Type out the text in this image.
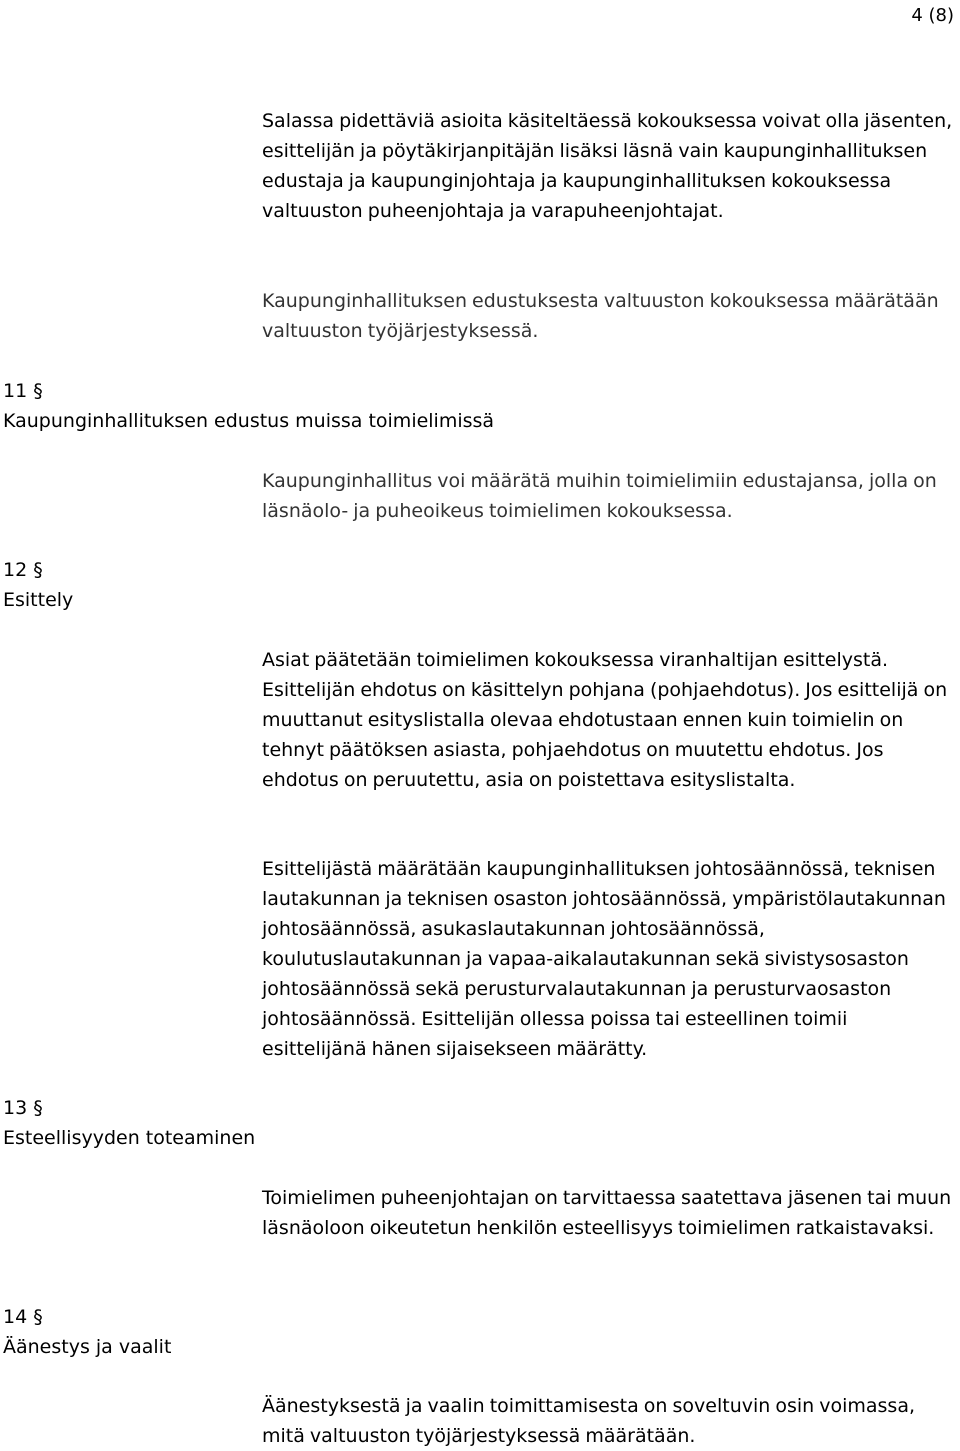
4 (8)

Salassa pidettäviä asioita käsiteltäessä kokouksessa voivat olla jäsenten, esittelijän ja pöytäkirjanpitäjän lisäksi läsnä vain kaupunginhallituksen edustaja ja kaupunginjohtaja ja kaupunginhallituksen kokouksessa valtuuston puheenjohtaja ja varapuheenjohtajat.

Kaupunginhallituksen edustuksesta valtuuston kokouksessa määrätään valtuuston työjärjestyksessä.

11 §
Kaupunginhallituksen edustus muissa toimielimissä

Kaupunginhallitus voi määrätä muihin toimielimiin edustajansa, jolla on läsnäolo- ja puheoikeus toimielimen kokouksessa.

12 §
Esittely

Asiat päätetään toimielimen kokouksessa viranhaltijan esittelystä. Esittelijän ehdotus on käsittelyn pohjana (pohjaehdotus). Jos esittelijä on muuttanut esityslistalla olevaa ehdotustaan ennen kuin toimielin on tehnyt päätöksen asiasta, pohjaehdotus on muutettu ehdotus. Jos ehdotus on peruutettu, asia on poistettava esityslistalta.

Esittelijästä määrätään kaupunginhallituksen johtosäännössä, teknisen lautakunnan ja teknisen osaston johtosäännössä, ympäristölautakunnan johtosäännössä, asukaslautakunnan johtosäännössä, koulutuslautakunnan ja vapaa-aikalautakunnan sekä sivistysosaston johtosäännössä sekä perusturvalautakunnan ja perusturvaosaston johtosäännössä. Esittelijän ollessa poissa tai esteellinen toimii esittelijänä hänen sijaisekseen määrätty.

13 §
Esteellisyyden toteaminen

Toimielimen puheenjohtajan on tarvittaessa saatettava jäsenen tai muun läsnäoloon oikeutetun henkilön esteellisyys toimielimen ratkaistavaksi.

14 §
Äänestys ja vaalit

Äänestyksestä ja vaalin toimittamisesta on soveltuvin osin voimassa, mitä valtuuston työjärjestyksessä määrätään.
